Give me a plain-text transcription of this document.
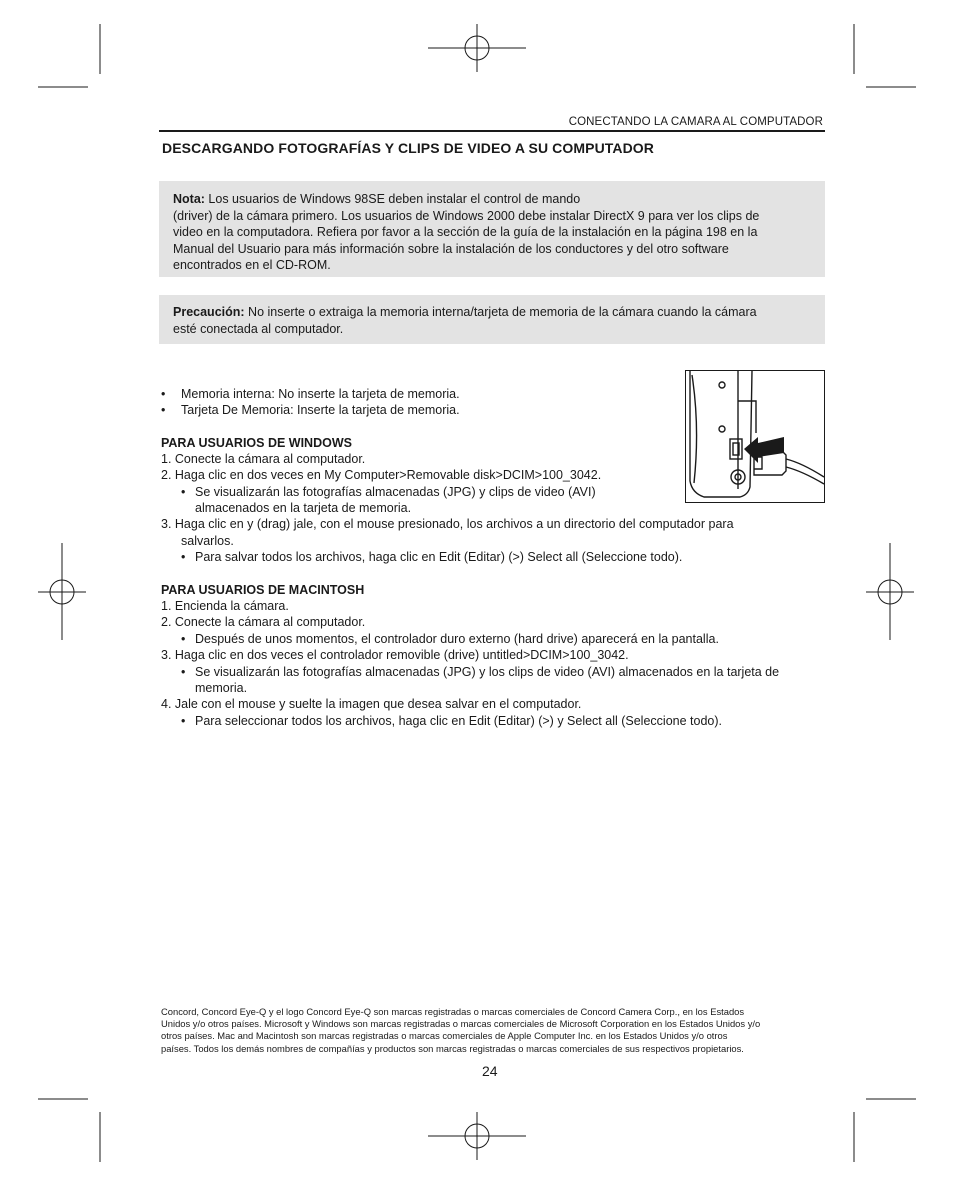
CONECTANDO LA CAMARA AL COMPUTADOR
DESCARGANDO FOTOGRAFÍAS Y CLIPS DE VIDEO A SU COMPUTADOR
Nota: Los usuarios de Windows 98SE deben instalar el control de mando
(driver) de la cámara primero. Los usuarios de Windows 2000 debe instalar DirectX 9 para ver los clips de
video en la computadora. Refiera por favor a la sección de la guía de la instalación en la página 198 en la
Manual del Usuario para más información sobre la instalación de los conductores y del otro software
encontrados en el CD-ROM.
Precaución: No inserte o extraiga la memoria interna/tarjeta de memoria de la cámara cuando la cámara
esté conectada al computador.
• Memoria interna: No inserte la tarjeta de memoria.
• Tarjeta De Memoria: Inserte la tarjeta de memoria.
PARA USUARIOS DE WINDOWS
1. Conecte la cámara al computador.
2. Haga clic en dos veces en My Computer>Removable disk>DCIM>100_3042.
• Se visualizarán las fotografías almacenadas (JPG) y clips de video (AVI)
almacenados en la tarjeta de memoria.
3. Haga clic en y (drag) jale, con el mouse presionado, los archivos a un directorio del computador para
salvarlos.
• Para salvar todos los archivos, haga clic en Edit (Editar) (>) Select all (Seleccione todo).
PARA USUARIOS DE MACINTOSH
1. Encienda la cámara.
2. Conecte la cámara al computador.
• Después de unos momentos, el controlador duro externo (hard drive) aparecerá en la pantalla.
3. Haga clic en dos veces el controlador removible (drive) untitled>DCIM>100_3042.
• Se visualizarán las fotografías almacenadas (JPG) y los clips de video (AVI) almacenados en la tarjeta de
memoria.
4. Jale con el mouse y suelte la imagen que desea salvar en el computador.
• Para seleccionar todos los archivos, haga clic en Edit (Editar) (>) y Select all (Seleccione todo).
Concord, Concord Eye-Q y el logo Concord Eye-Q son marcas registradas o marcas comerciales de Concord Camera Corp., en los Estados
Unidos y/o otros países. Microsoft y Windows son marcas registradas o marcas comerciales de Microsoft Corporation en los Estados Unidos y/o
otros países. Mac and Macintosh son marcas registradas o marcas comerciales de Apple Computer Inc. en los Estados Unidos y/o otros
países. Todos los demás nombres de compañías y productos son marcas registradas o marcas comerciales de sus respectivos propietarios.
24
